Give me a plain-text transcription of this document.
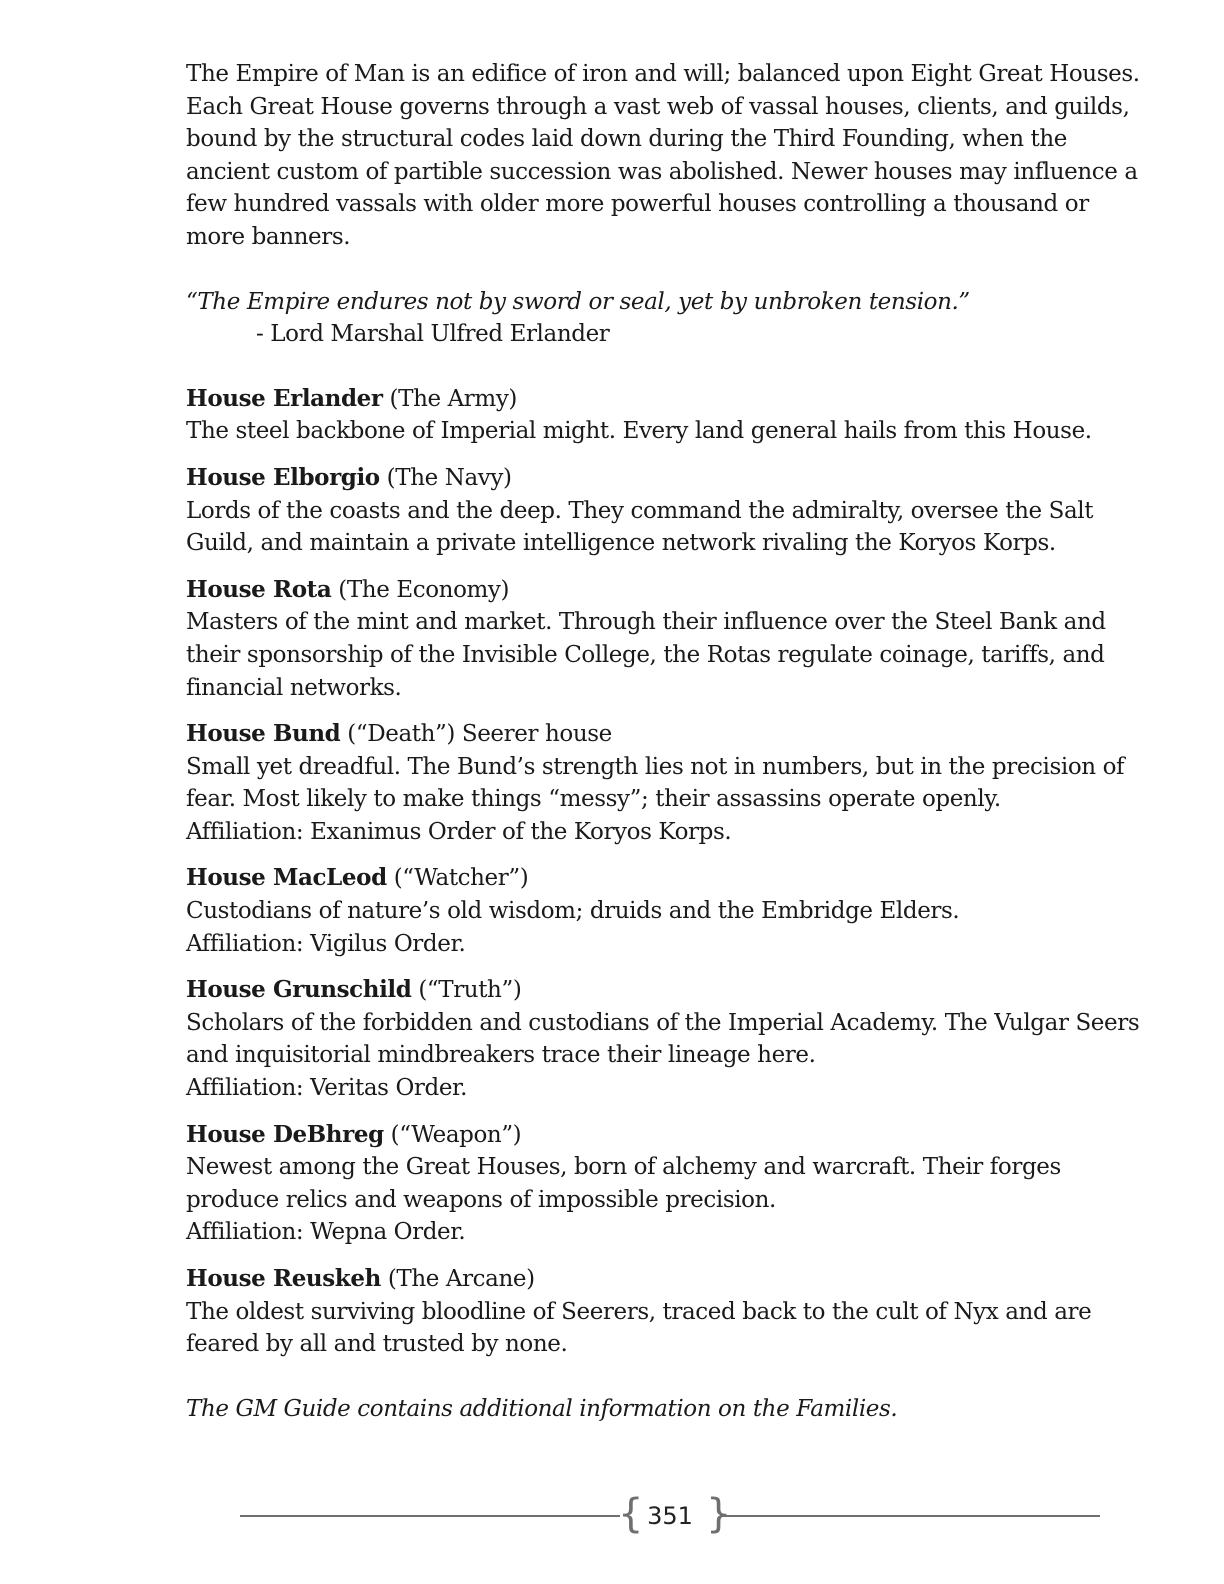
The Empire of Man is an edifice of iron and will; balanced upon Eight Great Houses. Each Great House governs through a vast web of vassal houses, clients, and guilds, bound by the structural codes laid down during the Third Founding, when the ancient custom of partible succession was abolished. Newer houses may influence a few hundred vassals with older more powerful houses controlling a thousand or more banners.

“The Empire endures not by sword or seal, yet by unbroken tension.”

- Lord Marshal Ulfred Erlander

House Erlander (The Army)

The steel backbone of Imperial might. Every land general hails from this House.

House Elborgio (The Navy)

Lords of the coasts and the deep. They command the admiralty, oversee the Salt Guild, and maintain a private intelligence network rivaling the Koryos Korps.

House Rota (The Economy)

Masters of the mint and market. Through their influence over the Steel Bank and their sponsorship of the Invisible College, the Rotas regulate coinage, tariffs, and financial networks.

House Bund (“Death”) Seerer house

Small yet dreadful. The Bund’s strength lies not in numbers, but in the precision of fear. Most likely to make things “messy”; their assassins operate openly.

Affiliation: Exanimus Order of the Koryos Korps.

House MacLeod (“Watcher”)

Custodians of nature’s old wisdom; druids and the Embridge Elders.

Affiliation: Vigilus Order.

House Grunschild (“Truth”)

Scholars of the forbidden and custodians of the Imperial Academy. The Vulgar Seers and inquisitorial mindbreakers trace their lineage here.

Affiliation: Veritas Order.

House DeBhreg (“Weapon”)

Newest among the Great Houses, born of alchemy and warcraft. Their forges produce relics and weapons of impossible precision.

Affiliation: Wepna Order.

House Reuskeh (The Arcane)

The oldest surviving bloodline of Seerers, traced back to the cult of Nyx and are feared by all and trusted by none.

The GM Guide contains additional information on the Families.

{ 351 }
